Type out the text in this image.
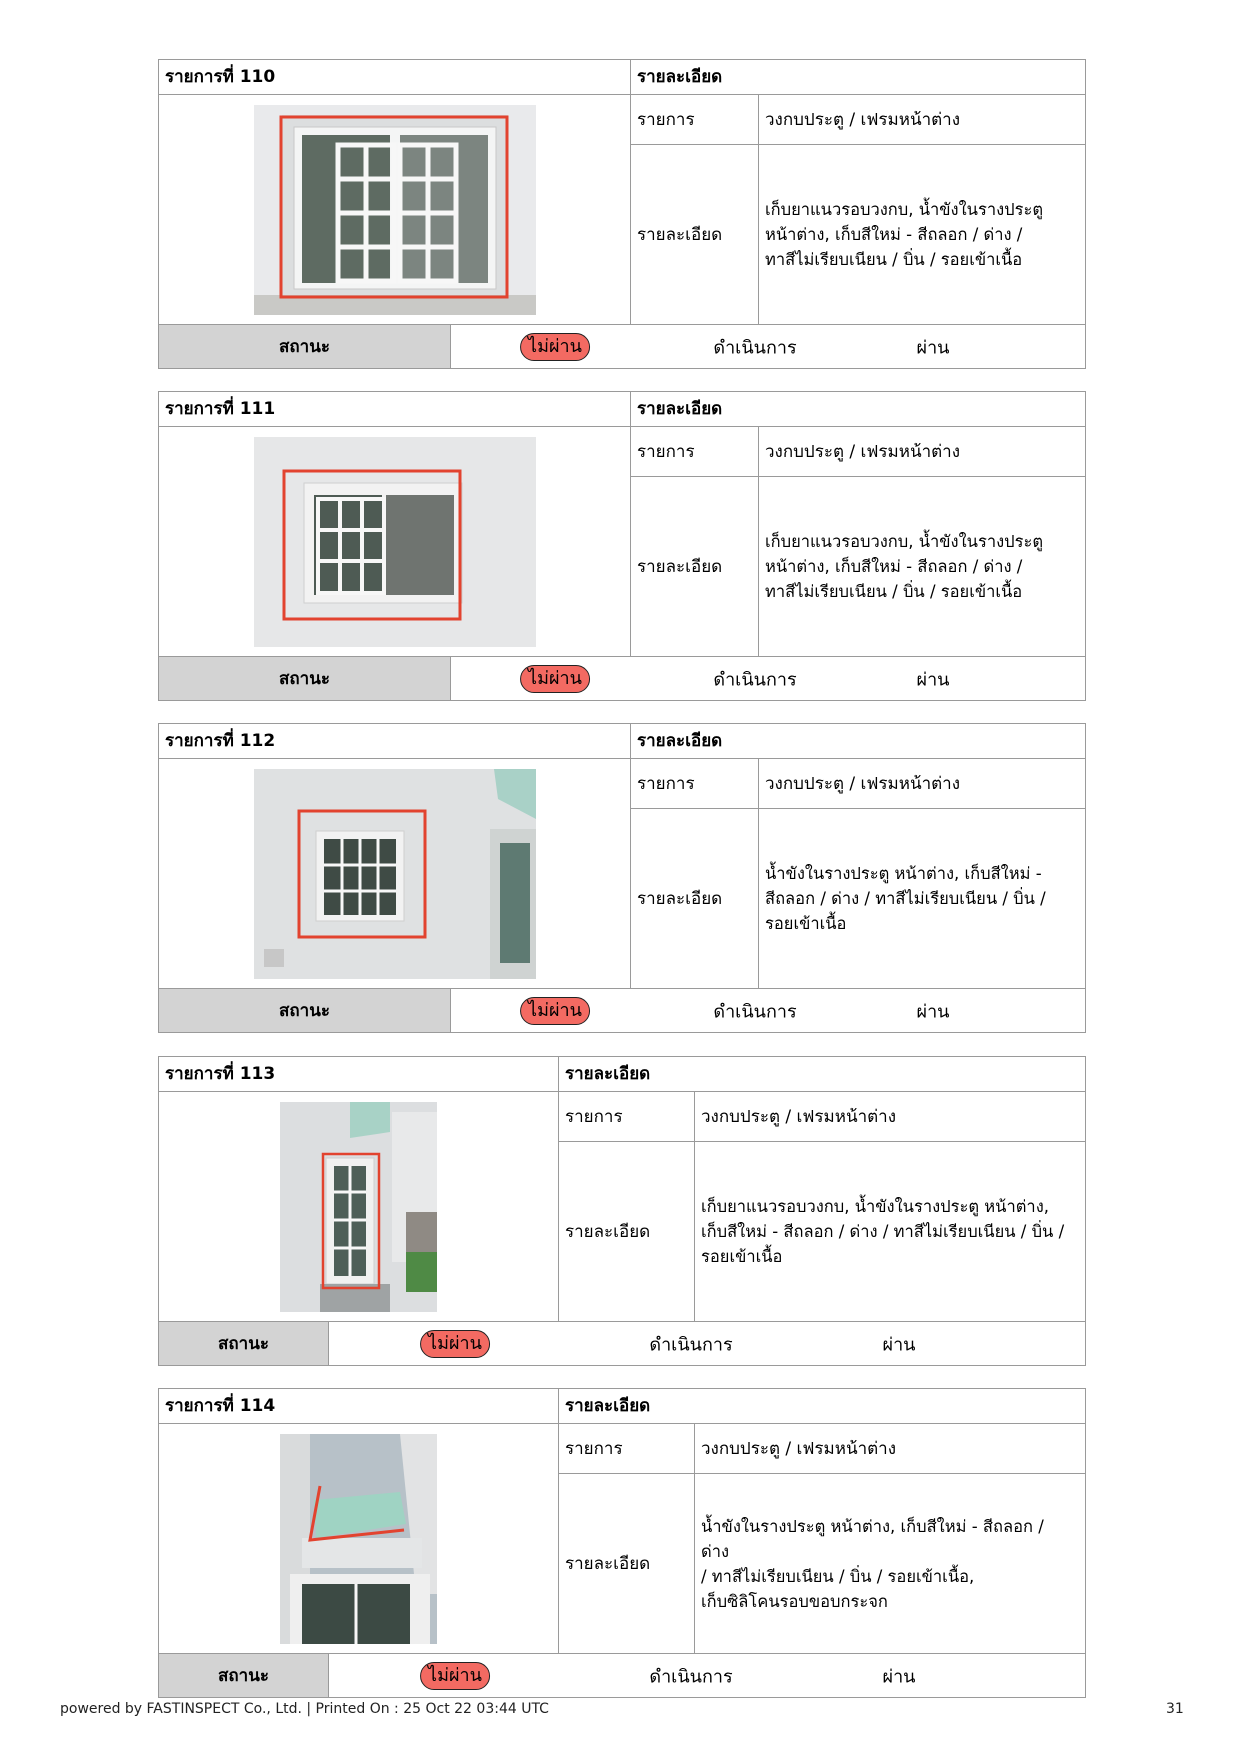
รายการที่ 110	รายละเอียด
รายการ	วงกบประตู / เฟรมหน้าต่าง
รายละเอียด
เก็บยาแนวรอบวงกบ, น้ำขังในรางประตู
หน้าต่าง, เก็บสีใหม่ - สีถลอก / ด่าง /
ทาสีไม่เรียบเนียน / บิ่น / รอยเข้าเนื้อ
สถานะ	ไม่ผ่าน	ดำเนินการ	ผ่าน
รายการที่ 111	รายละเอียด
รายการ	วงกบประตู / เฟรมหน้าต่าง
รายละเอียด
เก็บยาแนวรอบวงกบ, น้ำขังในรางประตู
หน้าต่าง, เก็บสีใหม่ - สีถลอก / ด่าง /
ทาสีไม่เรียบเนียน / บิ่น / รอยเข้าเนื้อ
สถานะ	ไม่ผ่าน	ดำเนินการ	ผ่าน
รายการที่ 112	รายละเอียด
รายการ	วงกบประตู / เฟรมหน้าต่าง
รายละเอียด
น้ำขังในรางประตู หน้าต่าง, เก็บสีใหม่ -
สีถลอก / ด่าง / ทาสีไม่เรียบเนียน / บิ่น /
รอยเข้าเนื้อ
สถานะ	ไม่ผ่าน	ดำเนินการ	ผ่าน
รายการที่ 113	รายละเอียด
รายการ	วงกบประตู / เฟรมหน้าต่าง
รายละเอียด
เก็บยาแนวรอบวงกบ, น้ำขังในรางประตู หน้าต่าง,
เก็บสีใหม่ - สีถลอก / ด่าง / ทาสีไม่เรียบเนียน / บิ่น /
รอยเข้าเนื้อ
สถานะ	ไม่ผ่าน	ดำเนินการ	ผ่าน
รายการที่ 114	รายละเอียด
รายการ	วงกบประตู / เฟรมหน้าต่าง
รายละเอียด
น้ำขังในรางประตู หน้าต่าง, เก็บสีใหม่ - สีถลอก / ด่าง
/ ทาสีไม่เรียบเนียน / บิ่น / รอยเข้าเนื้อ,
เก็บซิลิโคนรอบขอบกระจก
สถานะ	ไม่ผ่าน	ดำเนินการ	ผ่าน
powered by FASTINSPECT Co., Ltd. | Printed On : 25 Oct 22 03:44 UTC	31
